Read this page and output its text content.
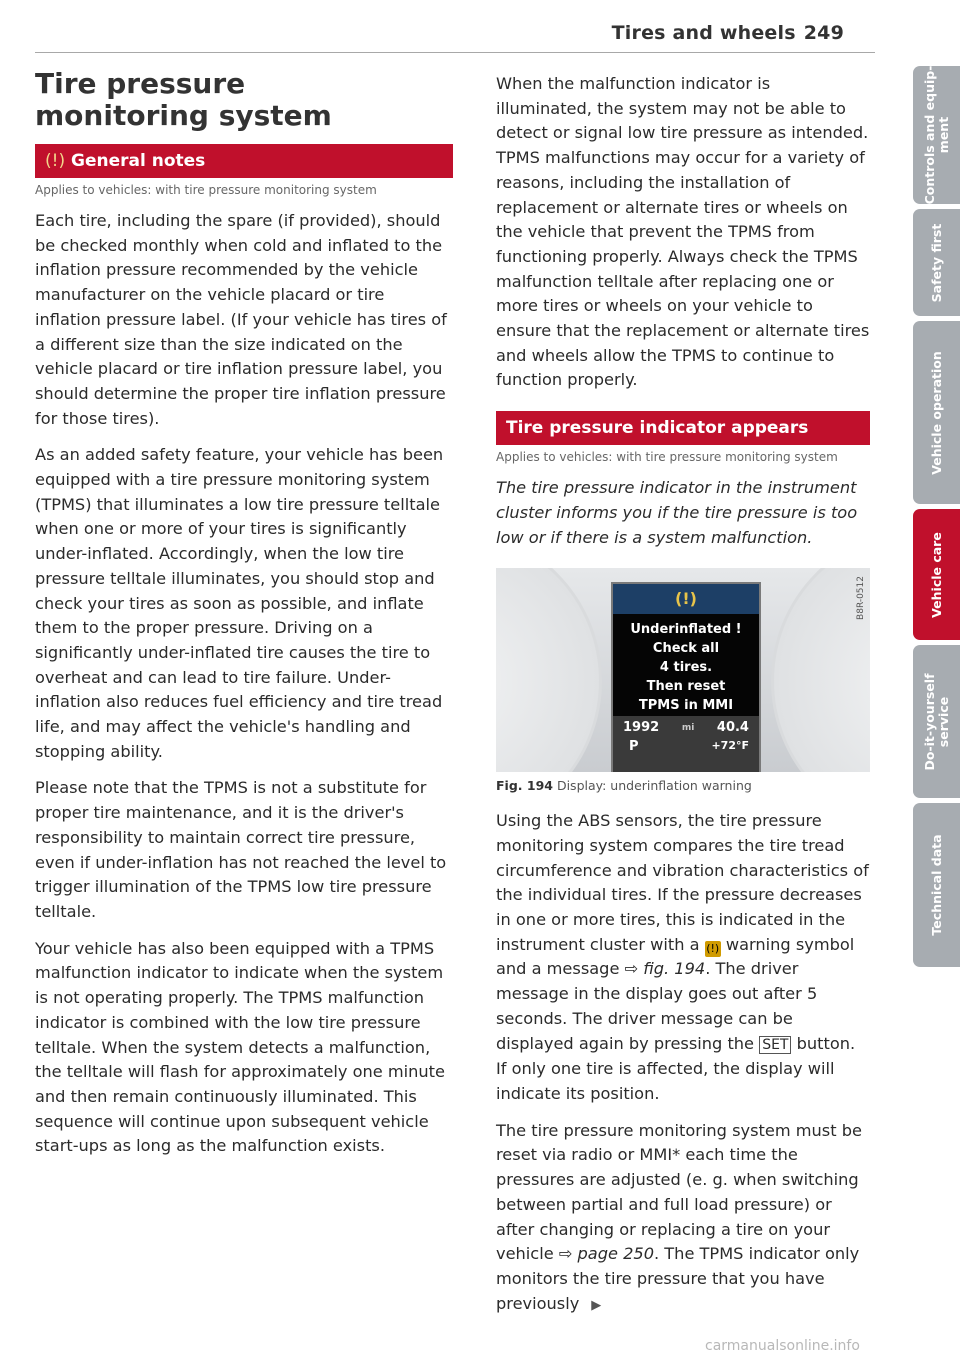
Tires and wheels 249
Tire pressure
monitoring system
(!) General notes
Applies to vehicles: with tire pressure monitoring system

Each tire, including the spare (if provided), should be checked monthly when cold and inflated to the inflation pressure recommended by the vehicle manufacturer on the vehicle placard or tire inflation pressure label. (If your vehicle has tires of a different size than the size indicated on the vehicle placard or tire inflation pressure label, you should determine the proper tire inflation pressure for those tires).

As an added safety feature, your vehicle has been equipped with a tire pressure monitoring system (TPMS) that illuminates a low tire pressure telltale when one or more of your tires is significantly under-inflated. Accordingly, when the low tire pressure telltale illuminates, you should stop and check your tires as soon as possible, and inflate them to the proper pressure. Driving on a significantly under-inflated tire causes the tire to overheat and can lead to tire failure. Under-inflation also reduces fuel efficiency and tire tread life, and may affect the vehicle's handling and stopping ability.

Please note that the TPMS is not a substitute for proper tire maintenance, and it is the driver's responsibility to maintain correct tire pressure, even if under-inflation has not reached the level to trigger illumination of the TPMS low tire pressure telltale.

Your vehicle has also been equipped with a TPMS malfunction indicator to indicate when the system is not operating properly. The TPMS malfunction indicator is combined with the low tire pressure telltale. When the system detects a malfunction, the telltale will flash for approximately one minute and then remain continuously illuminated. This sequence will continue upon subsequent vehicle start-ups as long as the malfunction exists.

When the malfunction indicator is illuminated, the system may not be able to detect or signal low tire pressure as intended. TPMS malfunctions may occur for a variety of reasons, including the installation of replacement or alternate tires or wheels on the vehicle that prevent the TPMS from functioning properly. Always check the TPMS malfunction telltale after replacing one or more tires or wheels on your vehicle to ensure that the replacement or alternate tires and wheels allow the TPMS to continue to function properly.

Tire pressure indicator appears
Applies to vehicles: with tire pressure monitoring system

The tire pressure indicator in the instrument cluster informs you if the tire pressure is too low or if there is a system malfunction.

(!)
Underinflated !
Check all
4 tires.
Then reset
TPMS in MMI
1992	mi 40.4
P	+72°F
B8R-0512
Fig. 194 Display: underinflation warning

Using the ABS sensors, the tire pressure monitoring system compares the tire tread circumference and vibration characteristics of the individual tires. If the pressure decreases in one or more tires, this is indicated in the instrument cluster with a (!) warning symbol and a message ⇨ fig. 194. The driver message in the display goes out after 5 seconds. The driver message can be displayed again by pressing the SET button. If only one tire is affected, the display will indicate its position.

The tire pressure monitoring system must be reset via radio or MMI* each time the pressures are adjusted (e. g. when switching between partial and full load pressure) or after changing or replacing a tire on your vehicle ⇨ page 250. The TPMS indicator only monitors the tire pressure that you have previously ▶

Controls and equip-
ment
Safety first
Vehicle operation
Vehicle care
Do-it-yourself
service
Technical data
carmanualsonline.info
